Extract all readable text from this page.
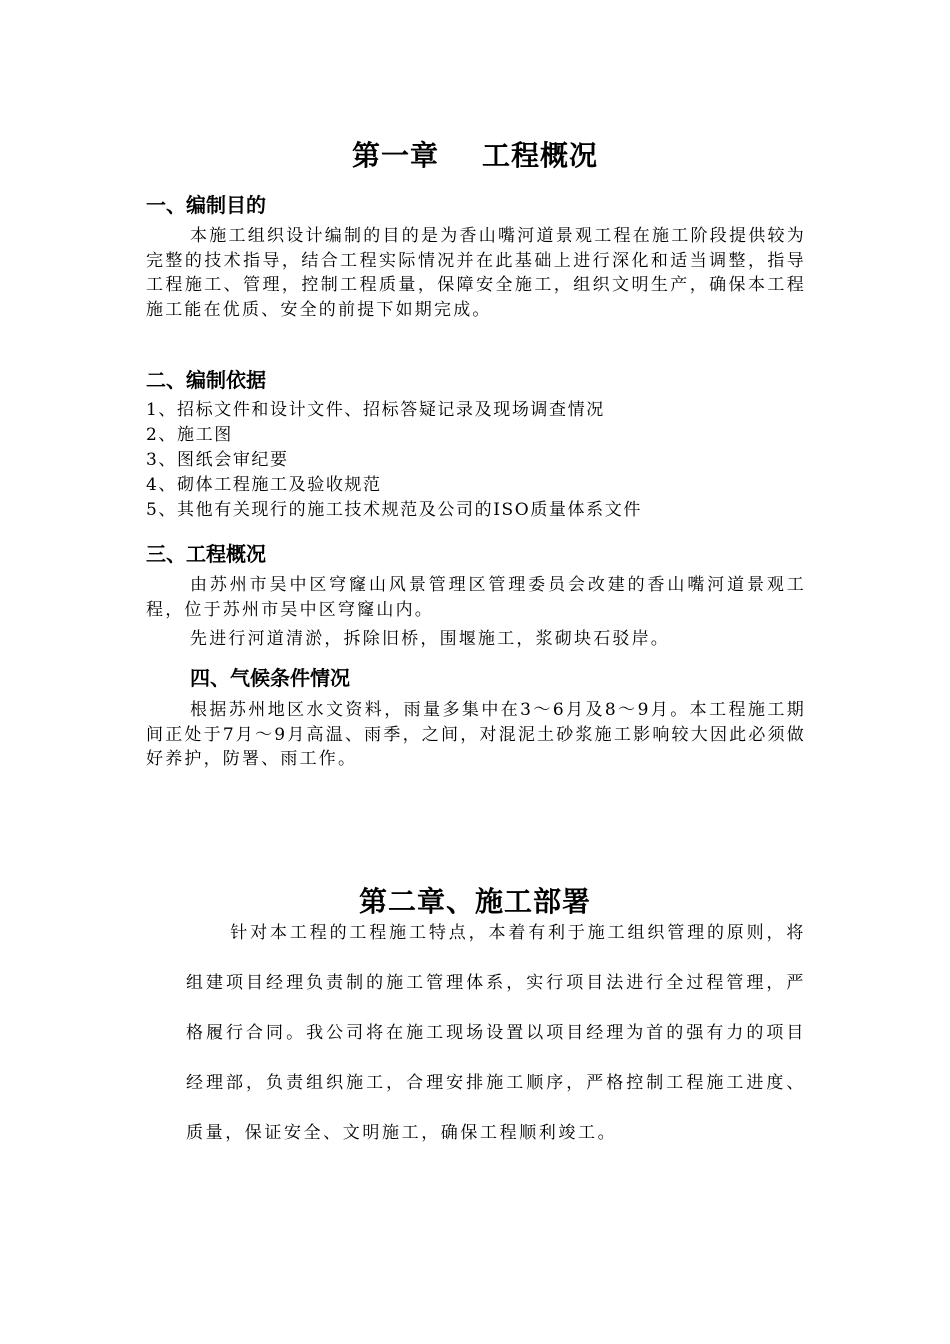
第一章    工程概况
一、编制目的
本施工组织设计编制的目的是为香山嘴河道景观工程在施工阶段提供较为完整的技术指导，结合工程实际情况并在此基础上进行深化和适当调整，指导工程施工、管理，控制工程质量，保障安全施工，组织文明生产，确保本工程施工能在优质、安全的前提下如期完成。
二、编制依据
1、招标文件和设计文件、招标答疑记录及现场调查情况
2、施工图
3、图纸会审纪要
4、砌体工程施工及验收规范
5、其他有关现行的施工技术规范及公司的ISO质量体系文件
三、工程概况
由苏州市吴中区穹窿山风景管理区管理委员会改建的香山嘴河道景观工程，位于苏州市吴中区穹窿山内。
先进行河道清淤，拆除旧桥，围堰施工，浆砌块石驳岸。
四、气候条件情况
根据苏州地区水文资料，雨量多集中在3～6月及8～9月。本工程施工期间正处于7月～9月高温、雨季，之间，对混泥土砂浆施工影响较大因此必须做好养护，防署、雨工作。
第二章、施工部署
针对本工程的工程施工特点，本着有利于施工组织管理的原则，将组建项目经理负责制的施工管理体系，实行项目法进行全过程管理，严格履行合同。我公司将在施工现场设置以项目经理为首的强有力的项目经理部，负责组织施工，合理安排施工顺序，严格控制工程施工进度、质量，保证安全、文明施工，确保工程顺利竣工。
